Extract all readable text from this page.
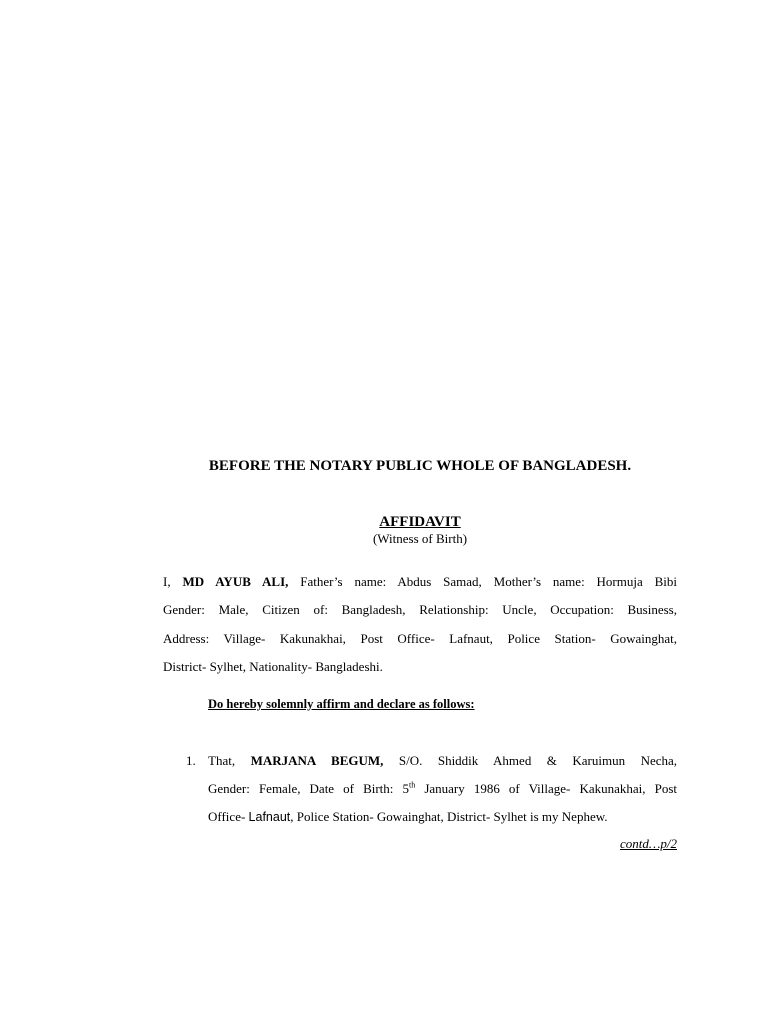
BEFORE THE NOTARY PUBLIC WHOLE OF BANGLADESH.
AFFIDAVIT
(Witness of Birth)
I, MD AYUB ALI, Father’s name: Abdus Samad, Mother’s name: Hormuja Bibi
Gender: Male, Citizen of: Bangladesh, Relationship: Uncle, Occupation: Business,
Address: Village- Kakunakhai, Post Office- Lafnaut, Police Station- Gowainghat,
District- Sylhet, Nationality- Bangladeshi.
Do hereby solemnly affirm and declare as follows:
1. That, MARJANA BEGUM, S/O. Shiddik Ahmed & Karuimun Necha,
Gender: Female, Date of Birth: 5th January 1986 of Village- Kakunakhai, Post
Office- Lafnaut, Police Station- Gowainghat, District- Sylhet is my Nephew.
contd…p/2
